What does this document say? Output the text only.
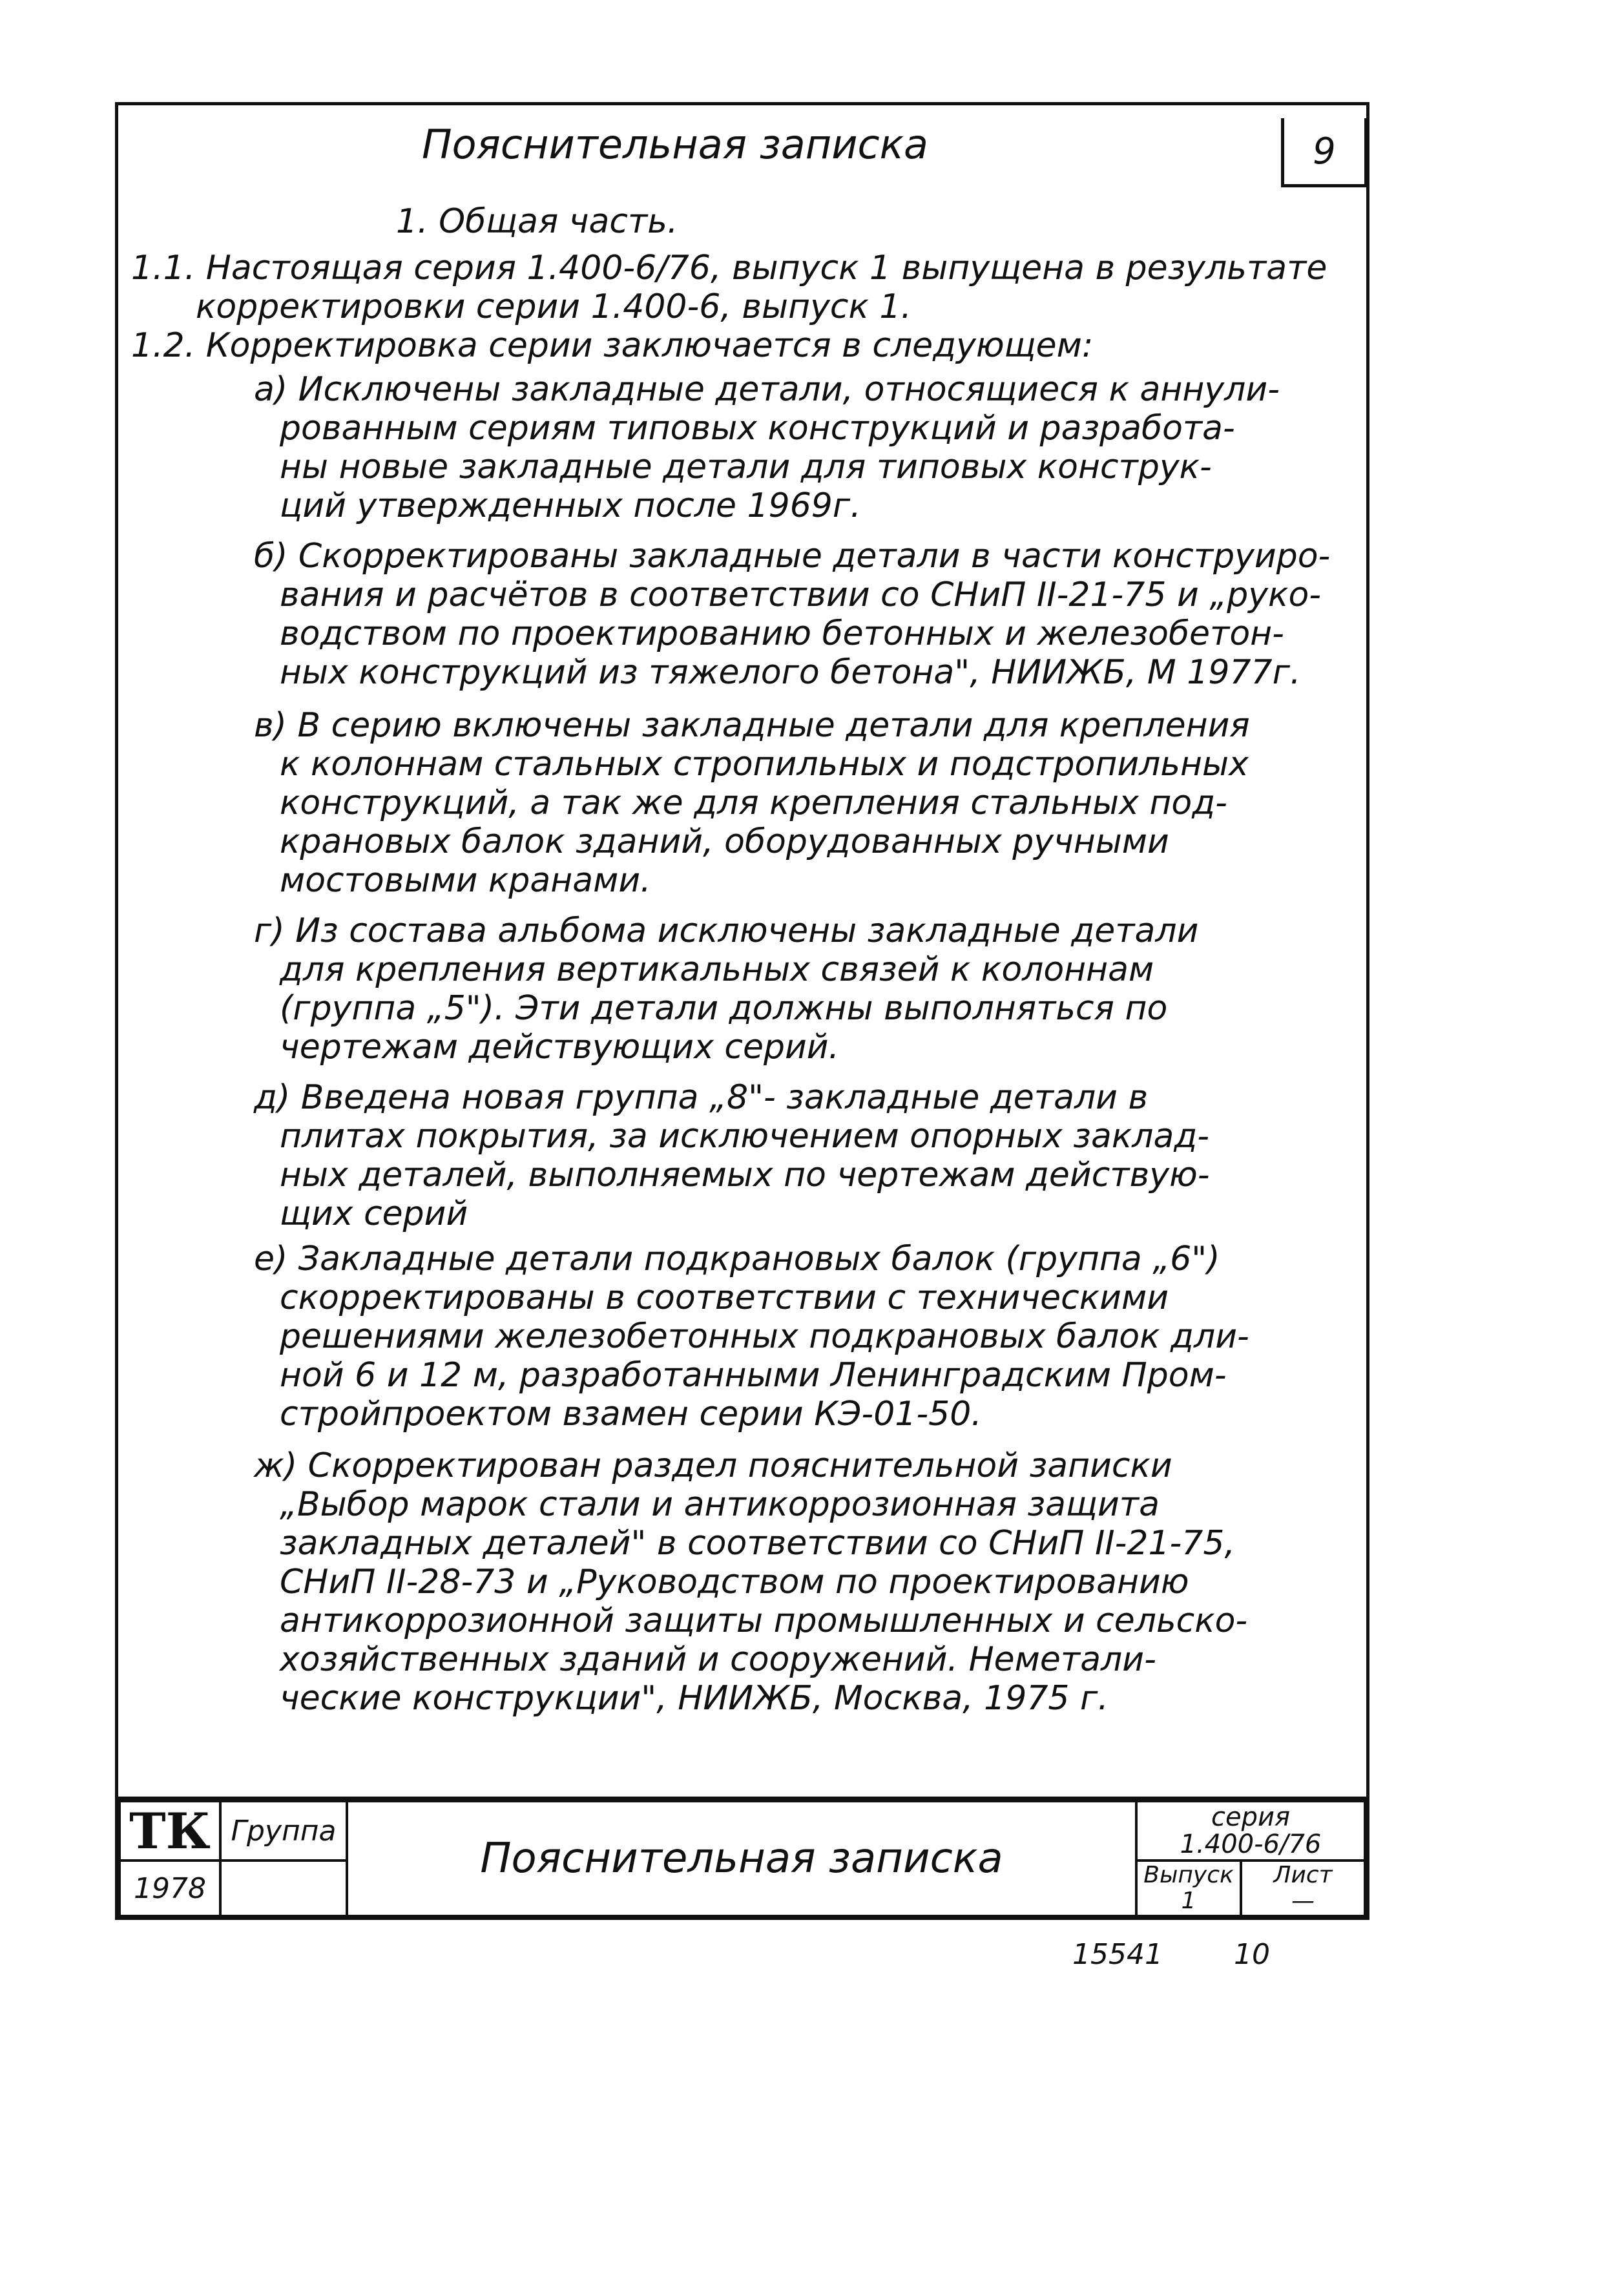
Пояснительная записка	9
1. Общая часть.
1.1. Настоящая серия 1.400-6/76, выпуск 1 выпущена в результате
корректировки серии 1.400-6, выпуск 1.
1.2. Корректировка серии заключается в следующем:
а) Исключены закладные детали, относящиеся к аннули-
рованным сериям типовых конструкций и разработа-
ны новые закладные детали для типовых конструк-
ций утвержденных после 1969г.
б) Скорректированы закладные детали в части конструиро-
вания и расчётов в соответствии со СНиП II-21-75 и „руко-
водством по проектированию бетонных и железобетон-
ных конструкций из тяжелого бетона", НИИЖБ, М 1977г.
в) В серию включены закладные детали для крепления
к колоннам стальных стропильных и подстропильных
конструкций, а так же для крепления стальных под-
крановых балок зданий, оборудованных ручными
мостовыми кранами.
г) Из состава альбома исключены закладные детали
для крепления вертикальных связей к колоннам
(группа „5"). Эти детали должны выполняться по
чертежам действующих серий.
д) Введена новая группа „8"- закладные детали в
плитах покрытия, за исключением опорных заклад-
ных деталей, выполняемых по чертежам действую-
щих серий
е) Закладные детали подкрановых балок (группа „6")
скорректированы в соответствии с техническими
решениями железобетонных подкрановых балок дли-
ной 6 и 12 м, разработанными Ленинградским Пром-
стройпроектом взамен серии КЭ-01-50.
ж) Скорректирован раздел пояснительной записки
„Выбор марок стали и антикоррозионная защита
закладных деталей" в соответствии со СНиП II-21-75,
СНиП II-28-73 и „Руководством по проектированию
антикоррозионной защиты промышленных и сельско-
хозяйственных зданий и сооружений. Неметали-
ческие конструкции", НИИЖБ, Москва, 1975 г.
ТК Группа
1978
Пояснительная записка
серия
1.400-6/76
Выпуск
1
Лист
—
15541	10
